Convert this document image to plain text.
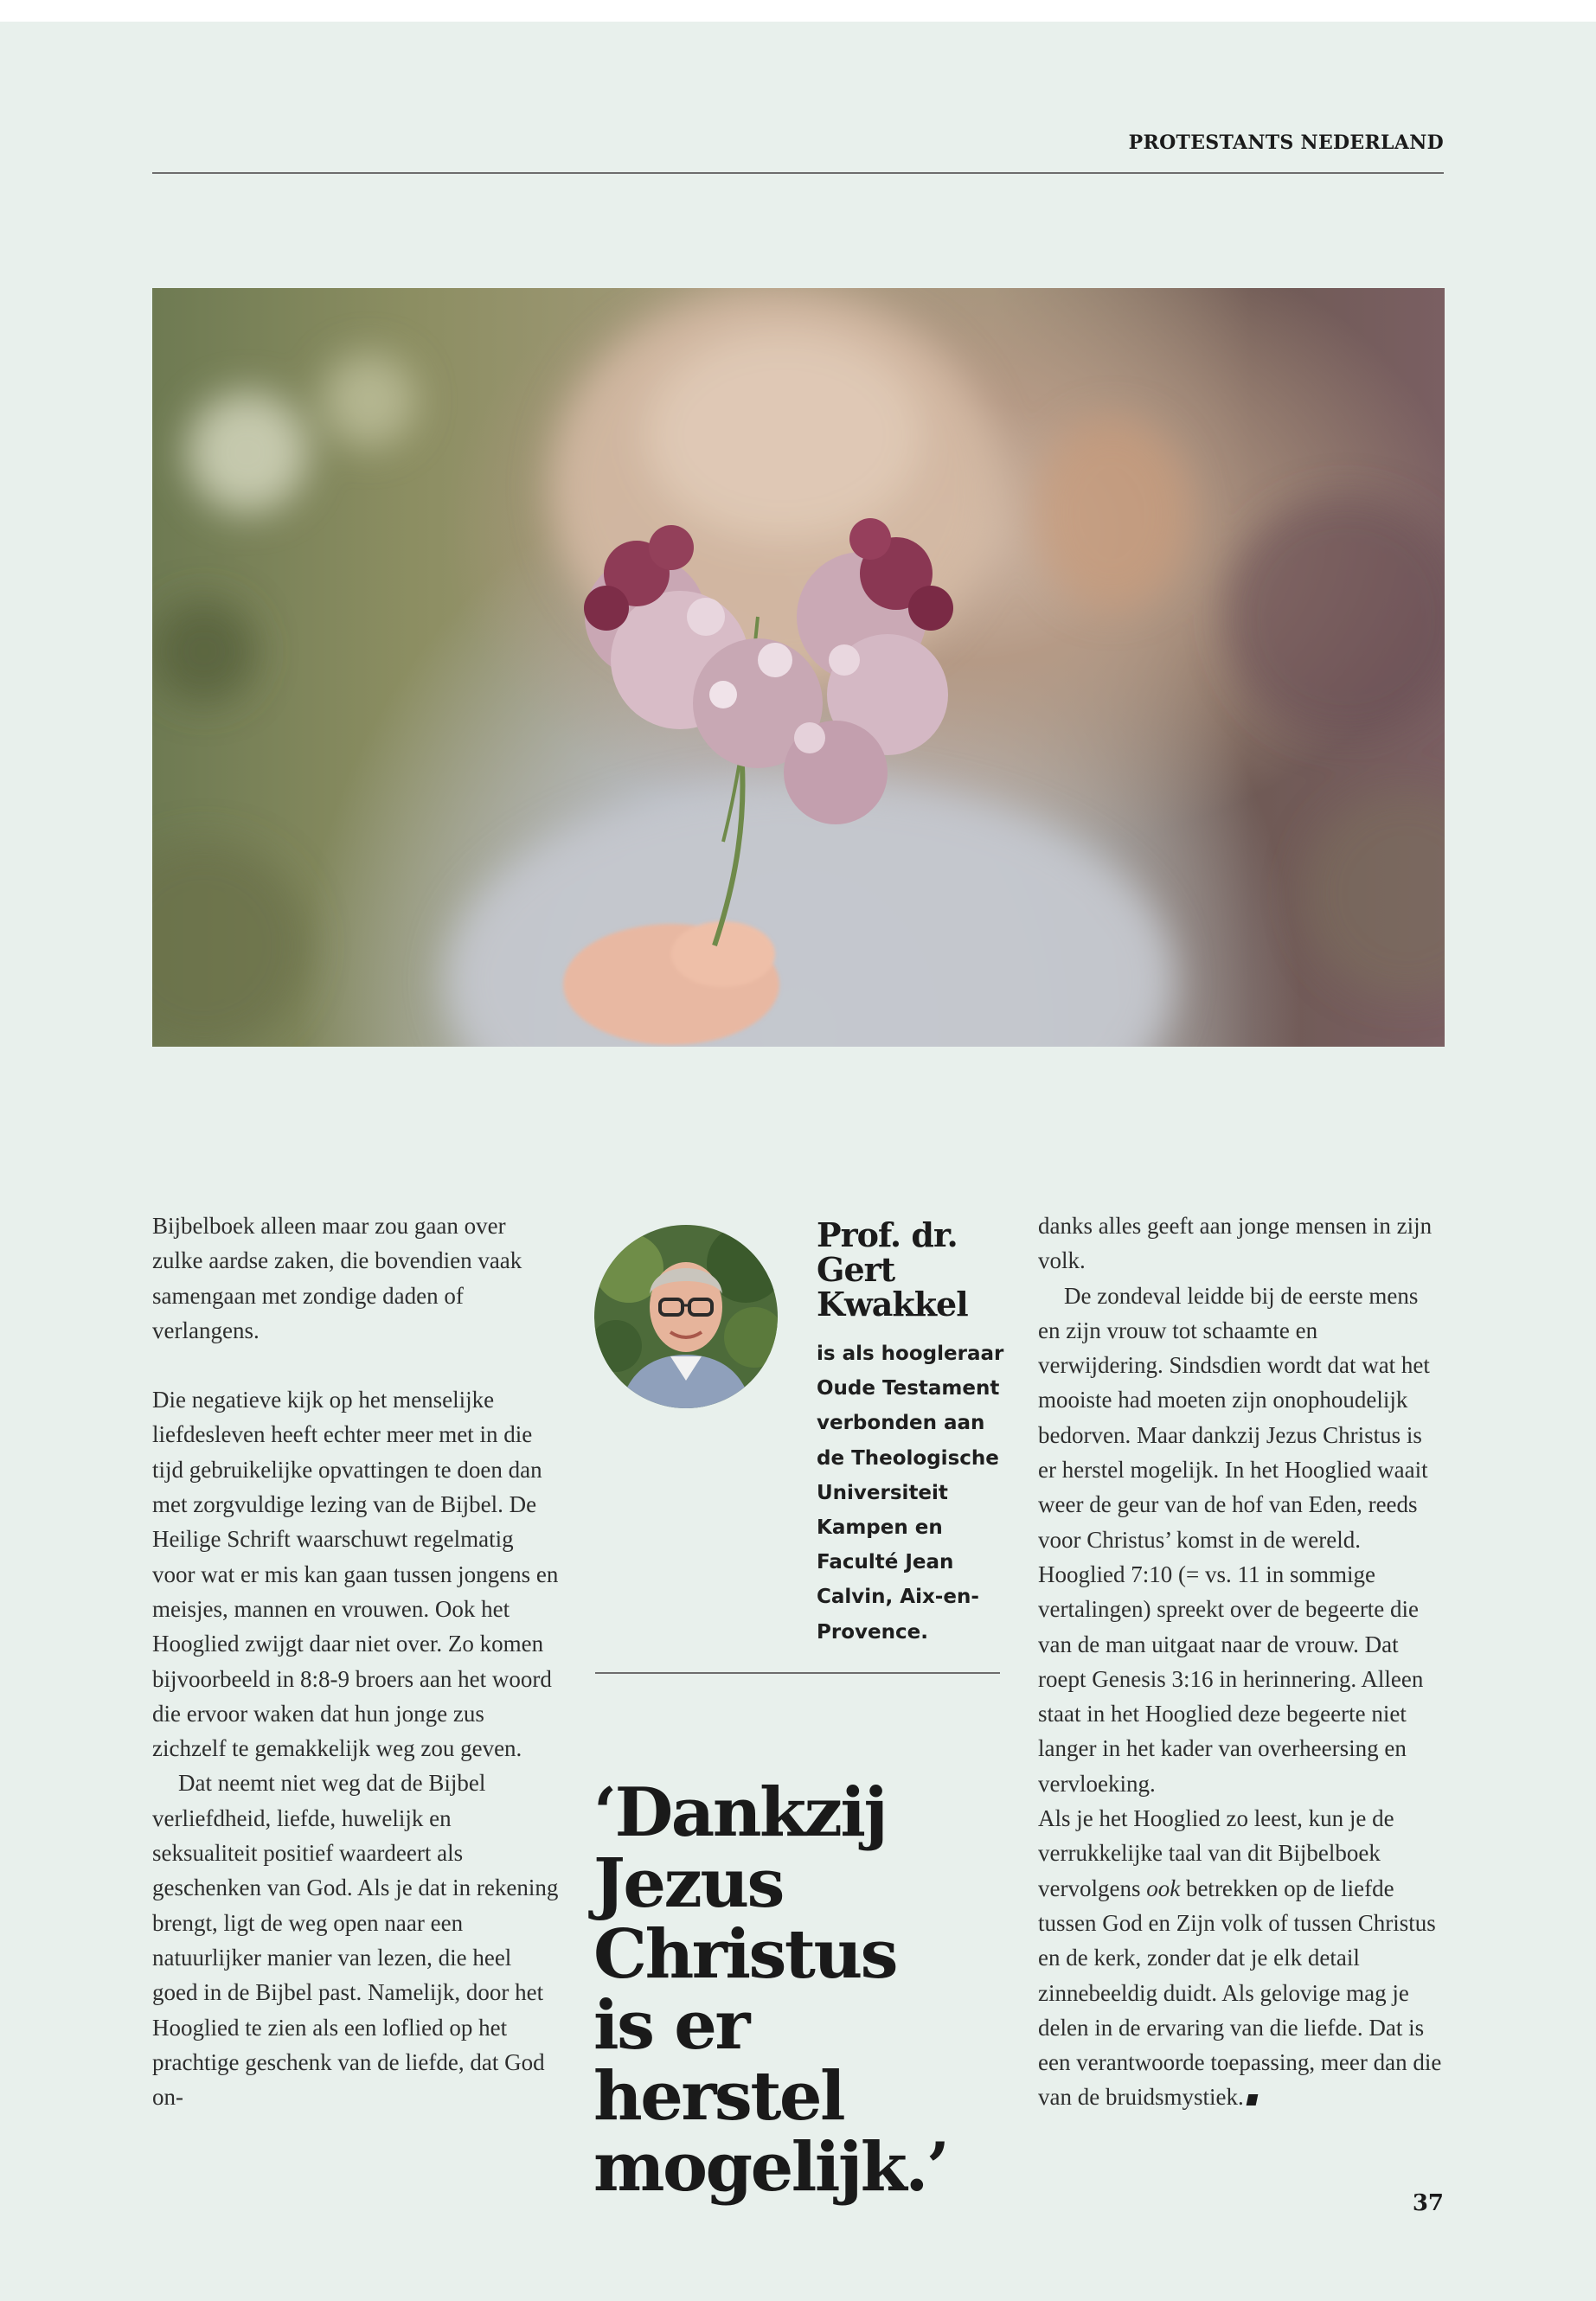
PROTESTANTS NEDERLAND

Bijbelboek alleen maar zou gaan over zulke aardse zaken, die bovendien vaak samengaan met zondige daden of verlangens.

Die negatieve kijk op het menselijke liefdesleven heeft echter meer met in die tijd gebruikelijke opvattingen te doen dan met zorgvuldige lezing van de Bijbel. De Heilige Schrift waarschuwt regelmatig voor wat er mis kan gaan tussen jongens en meisjes, mannen en vrouwen. Ook het Hooglied zwijgt daar niet over. Zo komen bijvoorbeeld in 8:8-9 broers aan het woord die ervoor waken dat hun jonge zus zichzelf te gemakkelijk weg zou geven.

Dat neemt niet weg dat de Bijbel verliefdheid, liefde, huwelijk en seksualiteit positief waardeert als geschenken van God. Als je dat in rekening brengt, ligt de weg open naar een natuurlijker manier van lezen, die heel goed in de Bijbel past. Namelijk, door het Hooglied te zien als een loflied op het prachtige geschenk van de liefde, dat God on-

Prof. dr. Gert Kwakkel
is als hoogleraar Oude Testament verbonden aan de Theologische Universiteit Kampen en Faculté Jean Calvin, Aix-en-Provence.
‘Dankzij Jezus Christus is er herstel mogelijk.’

danks alles geeft aan jonge mensen in zijn volk.

De zondeval leidde bij de eerste mens en zijn vrouw tot schaamte en verwijdering. Sindsdien wordt dat wat het mooiste had moeten zijn onophoudelijk bedorven. Maar dankzij Jezus Christus is er herstel mogelijk. In het Hooglied waait weer de geur van de hof van Eden, reeds voor Christus’ komst in de wereld. Hooglied 7:10 (= vs. 11 in sommige vertalingen) spreekt over de begeerte die van de man uitgaat naar de vrouw. Dat roept Genesis 3:16 in herinnering. Alleen staat in het Hooglied deze begeerte niet langer in het kader van overheersing en vervloeking.

Als je het Hooglied zo leest, kun je de verrukkelijke taal van dit Bijbelboek vervolgens ook betrekken op de liefde tussen God en Zijn volk of tussen Christus en de kerk, zonder dat je elk detail zinnebeeldig duidt. Als gelovige mag je delen in de ervaring van die liefde. Dat is een verantwoorde toepassing, meer dan die van de bruidsmystiek.

37
